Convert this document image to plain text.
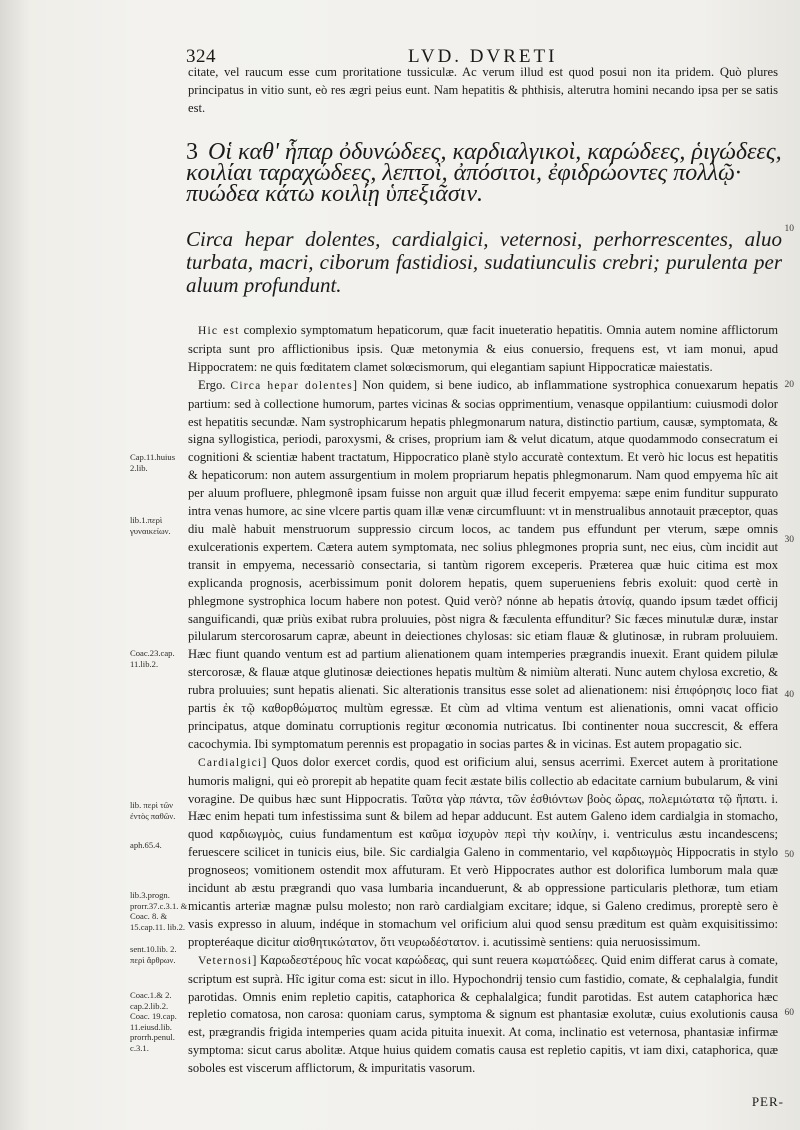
324	LVD. DVRETI
citate, vel raucum esse cum proritatione tussiculæ. Ac verum illud est quod posui non ita pridem. Quò plures principatus in vitio sunt, eò res ægri peius eunt. Nam hepatitis & phthisis, alterutra homini necando ipsa per se satis est.
3 Οἱ καθ' ἧπαρ ὀδυνώδεες, καρδιαλγικοὶ, καρώδεες, ῥιγώδεες, κοιλίαι ταραχώδεες, λεπτοὶ, ἀπόσιτοι, ἐφιδρώοντες πολλῷ· πυώδεα κάτω κοιλίῃ ὑπεξιᾶσιν.
Circa hepar dolentes, cardialgici, veternosi, perhorrescentes, aluo turbata, macri, ciborum fastidiosi, sudatiunculis crebri; purulenta per aluum profundunt.

Hic est complexio symptomatum hepaticorum, quæ facit inueteratio hepatitis. Omnia autem nomine afflictorum scripta sunt pro afflictionibus ipsis. Quæ metonymia & eius conuersio, frequens est, vt iam monui, apud Hippocratem: ne quis fœditatem clamet solœcismorum, qui elegantiam sapiunt Hippocraticæ maiestatis.

Ergo. Circa hepar dolentes] Non quidem, si bene iudico, ab inflammatione systrophica conuexarum hepatis partium: sed à collectione humorum, partes vicinas & socias opprimentium, venasque oppilantium: cuiusmodi dolor est hepatitis secundæ. Nam systrophicarum hepatis phlegmonarum natura, distinctio partium, causæ, symptomata, & signa syllogistica, periodi, paroxysmi, & crises, proprium iam & velut dicatum, atque quodammodo consecratum ei cognitioni & scientiæ habent tractatum, Hippocratico planè stylo accuratè contextum. Et verò hic locus est hepatitis & hepaticorum: non autem assurgentium in molem propriarum hepatis phlegmonarum. Nam quod empyema hîc ait per aluum profluere, phlegmonê ipsam fuisse non arguit quæ illud fecerit empyema: sæpe enim funditur suppurato intra venas humore, ac sine vlcere partis quam illæ venæ circumfluunt: vt in menstrualibus annotauit præceptor, quas diu malè habuit menstruorum suppressio circum locos, ac tandem pus effundunt per vterum, sæpe omnis exulcerationis expertem. Cætera autem symptomata, nec solius phlegmones propria sunt, nec eius, cùm incidit aut transit in empyema, necessariò consectaria, si tantùm rigorem exceperis. Præterea quæ huic citima est mox explicanda prognosis, acerbissimum ponit dolorem hepatis, quem superueniens febris exoluit: quod certè in phlegmone systrophica locum habere non potest. Quid verò? nónne ab hepatis ἀτονίᾳ, quando ipsum tædet officij sanguificandi, quæ priùs exibat rubra proluuies, pòst nigra & fæculenta effunditur? Sic fæces minutulæ duræ, instar pilularum stercorosarum capræ, abeunt in deiectiones chylosas: sic etiam flauæ & glutinosæ, in rubram proluuiem. Hæc fiunt quando ventum est ad partium alienationem quam intemperies prægrandis inuexit. Erant quidem pilulæ stercorosæ, & flauæ atque glutinosæ deiectiones hepatis multùm & nimiùm alterati. Nunc autem chylosa excretio, & rubra proluuies; sunt hepatis alienati. Sic alterationis transitus esse solet ad alienationem: nisi ἐπιφόρησις loco fiat partis ἐκ τῷ καθορθώματος multùm egressæ. Et cùm ad vltima ventum est alienationis, omni vacat officio principatus, atque dominatu corruptionis regitur œconomia nutricatus. Ibi continenter noua succrescit, & effera cacochymia. Ibi symptomatum perennis est propagatio in socias partes & in vicinas. Est autem propagatio sic.

Cardialgici] Quos dolor exercet cordis, quod est orificium alui, sensus acerrimi. Exercet autem à proritatione humoris maligni, qui eò prorepit ab hepatite quam fecit æstate bilis collectio ab edacitate carnium bubularum, & vini voragine. De quibus hæc sunt Hippocratis. Ταῦτα γὰρ πάντα, τῶν ἐσθιόντων βοὸς ὤρας, πολεμιώτατα τῷ ἥπατι. i. Hæc enim hepati tum infestissima sunt & bilem ad hepar adducunt. Est autem Galeno idem cardialgia in stomacho, quod καρδιωγμὸς, cuius fundamentum est καῦμα ἰσχυρὸν περὶ τὴν κοιλίην, i. ventriculus æstu incandescens; feruescere scilicet in tunicis eius, bile. Sic cardialgia Galeno in commentario, vel καρδιωγμὸς Hippocratis in stylo prognoseos; vomitionem ostendit mox affuturam. Et verò Hippocrates author est dolorifica lumborum mala quæ incidunt ab æstu prægrandi quo vasa lumbaria incanduerunt, & ab oppressione particularis plethoræ, tum etiam micantis arteriæ magnæ pulsu molesto; non rarò cardialgiam excitare; idque, si Galeno credimus, proreptè sero è vasis expresso in aluum, indéque in stomachum vel orificium alui quod sensu præditum est quàm exquisitissimo: propteréaque dicitur αἰσθητικώτατον, ὅτι νευρωδέστατον. i. acutissimè sentiens: quia neruosissimum.

Veternosi] Καρωδεστέρους hîc vocat καρώδεας, qui sunt reuera κωματώδεες. Quid enim differat carus à comate, scriptum est suprà. Hîc igitur coma est: sicut in illo. Hypochondrij tensio cum fastidio, comate, & cephalalgia, fundit parotidas. Omnis enim repletio capitis, cataphorica & cephalalgica; fundit parotidas. Est autem cataphorica hæc repletio comatosa, non carosa: quoniam carus, symptoma & signum est phantasiæ exolutæ, cuius exolutionis causa est, prægrandis frigida intemperies quam acida pituita inuexit. At coma, inclinatio est veternosa, phantasiæ infirmæ symptoma: sicut carus abolitæ. Atque huius quidem comatis causa est repletio capitis, vt iam dixi, cataphorica, quæ soboles est viscerum afflictorum, & impuritatis vasorum.

Cap.11.huius 2.lib.
lib.1.περὶ γυναικείων.
Coac.23.cap. 11.lib.2.
lib. περὶ τῶν ἐντὸς παθῶν.
aph.65.4.
lib.3.progn. prorr.37.c.3.1. & Coac. 8. & 15.cap.11. lib.2.
sent.10.lib. 2. περὶ ἄρθρων.
Coac.1.& 2. cap.2.lib.2. Coac. 19.cap. 11.eiusd.lib. prorrh.penul. c.3.1.
10
20
30
40
50
60
PER-
